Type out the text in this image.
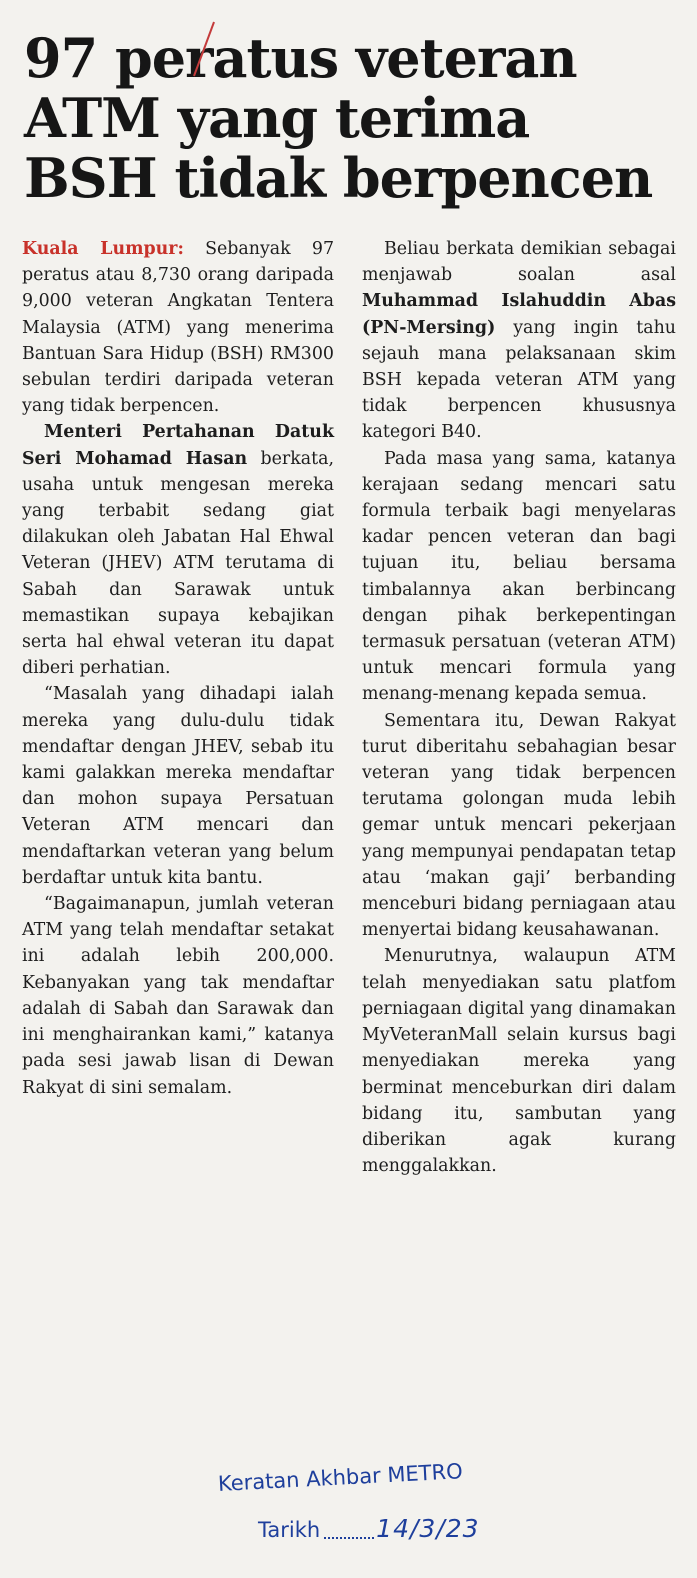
97 peratus veteran ATM yang terima BSH tidak berpencen

Kuala Lumpur: Sebanyak 97 peratus atau 8,730 orang daripada 9,000 veteran Angkatan Tentera Malaysia (ATM) yang menerima Bantuan Sara Hidup (BSH) RM300 sebulan terdiri daripada veteran yang tidak berpencen.

Menteri Pertahanan Datuk Seri Mohamad Hasan berkata, usaha untuk mengesan mereka yang terbabit sedang giat dilakukan oleh Jabatan Hal Ehwal Veteran (JHEV) ATM terutama di Sabah dan Sarawak untuk memastikan supaya kebajikan serta hal ehwal veteran itu dapat diberi perhatian.

“Masalah yang dihadapi ialah mereka yang dulu-dulu tidak mendaftar dengan JHEV, sebab itu kami galakkan mereka mendaftar dan mohon supaya Persatuan Veteran ATM mencari dan mendaftarkan veteran yang belum berdaftar untuk kita bantu.

“Bagaimanapun, jumlah veteran ATM yang telah mendaftar setakat ini adalah lebih 200,000. Kebanyakan yang tak mendaftar adalah di Sabah dan Sarawak dan ini menghairankan kami,” katanya pada sesi jawab lisan di Dewan Rakyat di sini semalam.

Beliau berkata demikian sebagai menjawab soalan asal Muhammad Islahuddin Abas (PN-Mersing) yang ingin tahu sejauh mana pelaksanaan skim BSH kepada veteran ATM yang tidak berpencen khususnya kategori B40.

Pada masa yang sama, katanya kerajaan sedang mencari satu formula terbaik bagi menyelaras kadar pencen veteran dan bagi tujuan itu, beliau bersama timbalannya akan berbincang dengan pihak berkepentingan termasuk persatuan (veteran ATM) untuk mencari formula yang menang-menang kepada semua.

Sementara itu, Dewan Rakyat turut diberitahu sebahagian besar veteran yang tidak berpencen terutama golongan muda lebih gemar untuk mencari pekerjaan yang mempunyai pendapatan tetap atau ‘makan gaji’ berbanding menceburi bidang perniagaan atau menyertai bidang keusahawanan.

Menurutnya, walaupun ATM telah menyediakan satu platfom perniagaan digital yang dinamakan MyVeteranMall selain kursus bagi menyediakan mereka yang berminat menceburkan diri dalam bidang itu, sambutan yang diberikan agak kurang menggalakkan.

Keratan Akhbar METRO
Tarikh 14/3/23
